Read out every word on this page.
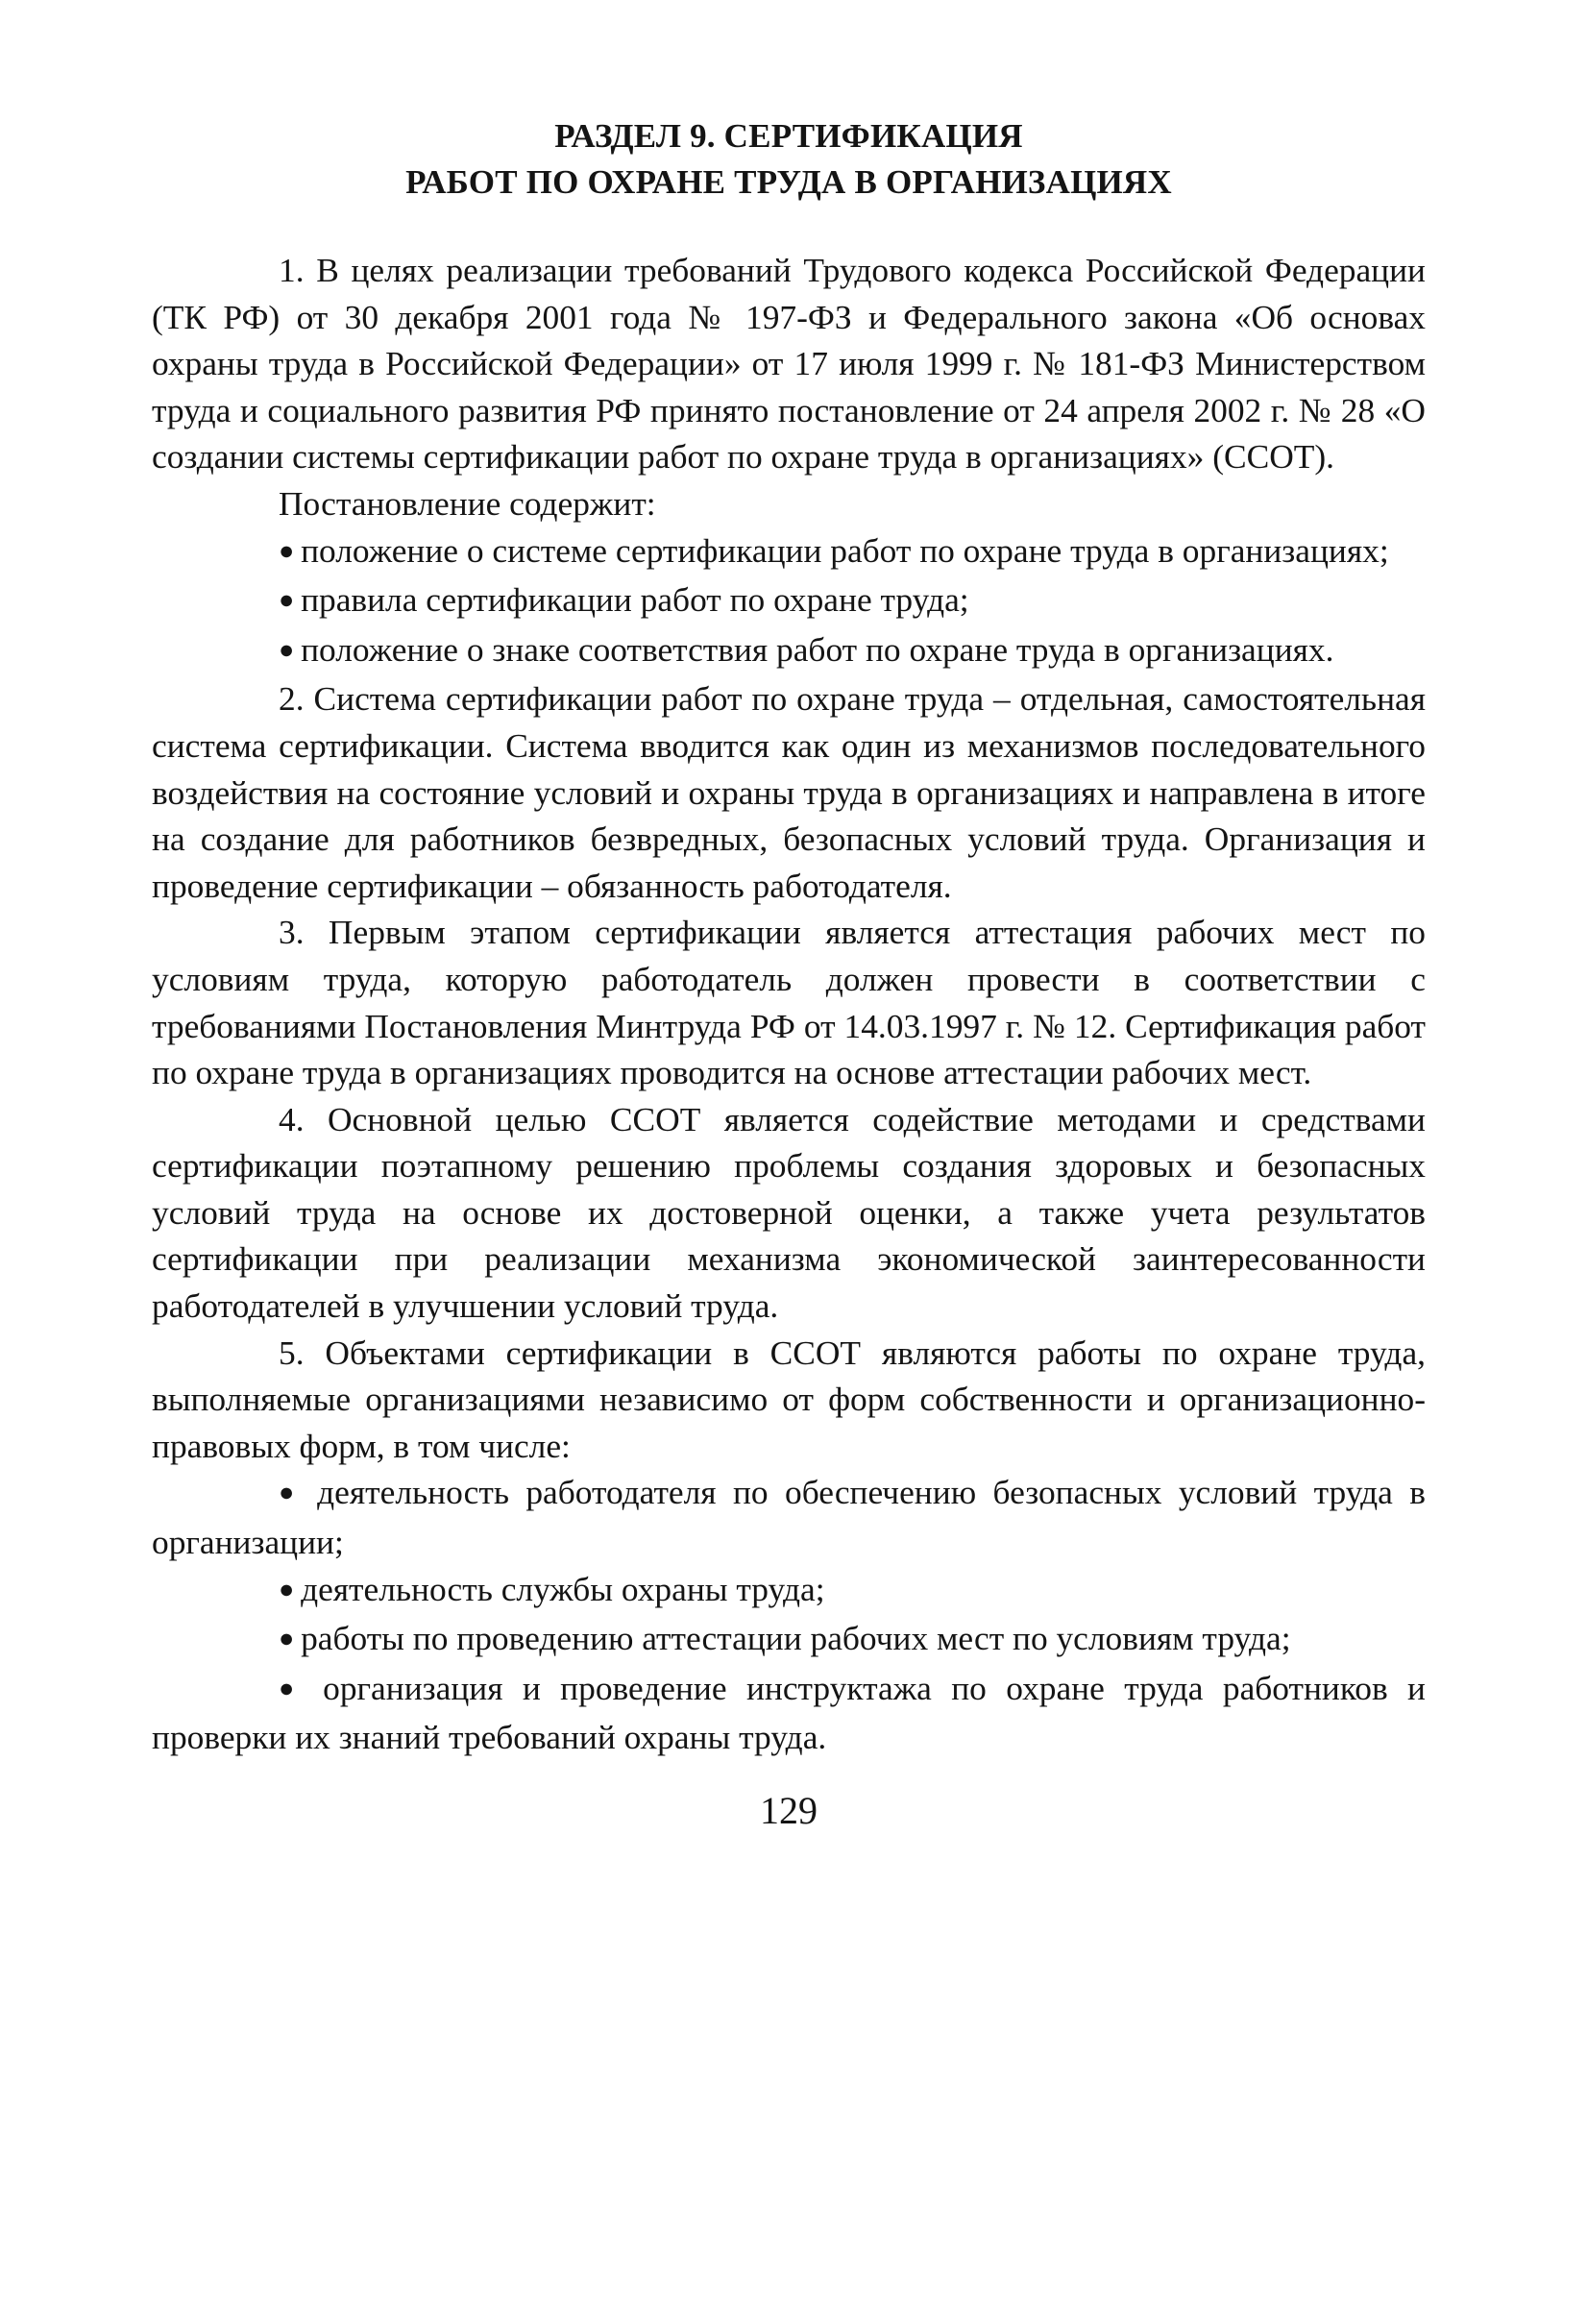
РАЗДЕЛ 9. СЕРТИФИКАЦИЯ
РАБОТ ПО ОХРАНЕ ТРУДА В ОРГАНИЗАЦИЯХ

1. В целях реализации требований Трудового кодекса Российской Федерации (ТК РФ) от 30 декабря 2001 года № 197-ФЗ и Федерального закона «Об основах охраны труда в Российской Федерации» от 17 июля 1999 г. № 181-ФЗ Министерством труда и социального развития РФ принято постановление от 24 апреля 2002 г. № 28 «О создании системы сертификации работ по охране труда в организациях» (ССОТ).

Постановление содержит:

● положение о системе сертификации работ по охране труда в организациях;

● правила сертификации работ по охране труда;

● положение о знаке соответствия работ по охране труда в организациях.

2. Система сертификации работ по охране труда – отдельная, самостоятельная система сертификации. Система вводится как один из механизмов последовательного воздействия на состояние условий и охраны труда в организациях и направлена в итоге на создание для работников безвредных, безопасных условий труда. Организация и проведение сертификации – обязанность работодателя.

3. Первым этапом сертификации является аттестация рабочих мест по условиям труда, которую работодатель должен провести в соответствии с требованиями Постановления Минтруда РФ от 14.03.1997 г. № 12. Сертификация работ по охране труда в организациях проводится на основе аттестации рабочих мест.

4. Основной целью ССОТ является содействие методами и средствами сертификации поэтапному решению проблемы создания здоровых и безопасных условий труда на основе их достоверной оценки, а также учета результатов сертификации при реализации механизма экономической заинтересованности работодателей в улучшении условий труда.

5. Объектами сертификации в ССОТ являются работы по охране труда, выполняемые организациями независимо от форм собственности и организационно-правовых форм, в том числе:

● деятельность работодателя по обеспечению безопасных условий труда в организации;

● деятельность службы охраны труда;

● работы по проведению аттестации рабочих мест по условиям труда;

● организация и проведение инструктажа по охране труда работников и проверки их знаний требований охраны труда.

129
